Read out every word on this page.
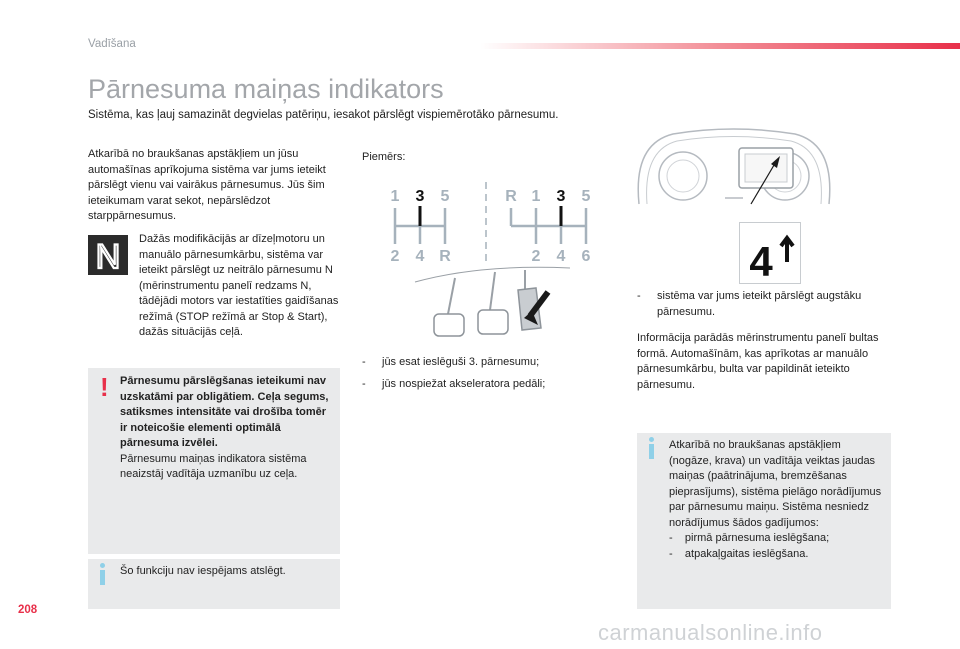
Vadīšana
Pārnesuma maiņas indikators
Sistēma, kas ļauj samazināt degvielas patēriņu, iesakot pārslēgt vispiemērotāko pārnesumu.
Atkarībā no braukšanas apstākļiem un jūsu automašīnas aprīkojuma sistēma var jums ieteikt pārslēgt vienu vai vairākus pārnesumus. Jūs šim ieteikumam varat sekot, nepārslēdzot starppārnesumus.
N Dažās modifikācijās ar dīzeļmotoru un manuālo pārnesumkārbu, sistēma var ieteikt pārslēgt uz neitrālo pārnesumu N (mērinstrumentu panelī redzams N, tādējādi motors var iestatīties gaidīšanas režīmā (STOP režīmā ar Stop & Start), dažās situācijās ceļā.
! Pārnesumu pārslēgšanas ieteikumi nav uzskatāmi par obligātiem. Ceļa segums, satiksmes intensitāte vai drošība tomēr ir noteicošie elementi optimālā pārnesuma izvēlei.
Pārnesumu maiņas indikatora sistēma neaizstāj vadītāja uzmanību uz ceļa.
Šo funkciju nav iespējams atslēgt.
Piemērs:
1 3 5
2 4 R
R 1 3 5
2 4 6
- jūs esat ieslēguši 3. pārnesumu;
- jūs nospiežat akseleratora pedāli;
4
- sistēma var jums ieteikt pārslēgt augstāku pārnesumu.
Informācija parādās mērinstrumentu panelī bultas formā. Automašīnām, kas aprīkotas ar manuālo pārnesumkārbu, bulta var papildināt ieteikto pārnesumu.
Atkarībā no braukšanas apstākļiem (nogāze, krava) un vadītāja veiktas jaudas maiņas (paātrinājuma, bremzēšanas pieprasījums), sistēma pielāgo norādījumus par pārnesumu maiņu. Sistēma nesniedz norādījumus šādos gadījumos:
- pirmā pārnesuma ieslēgšana;
- atpakaļgaitas ieslēgšana.
208
carmanualsonline.info
